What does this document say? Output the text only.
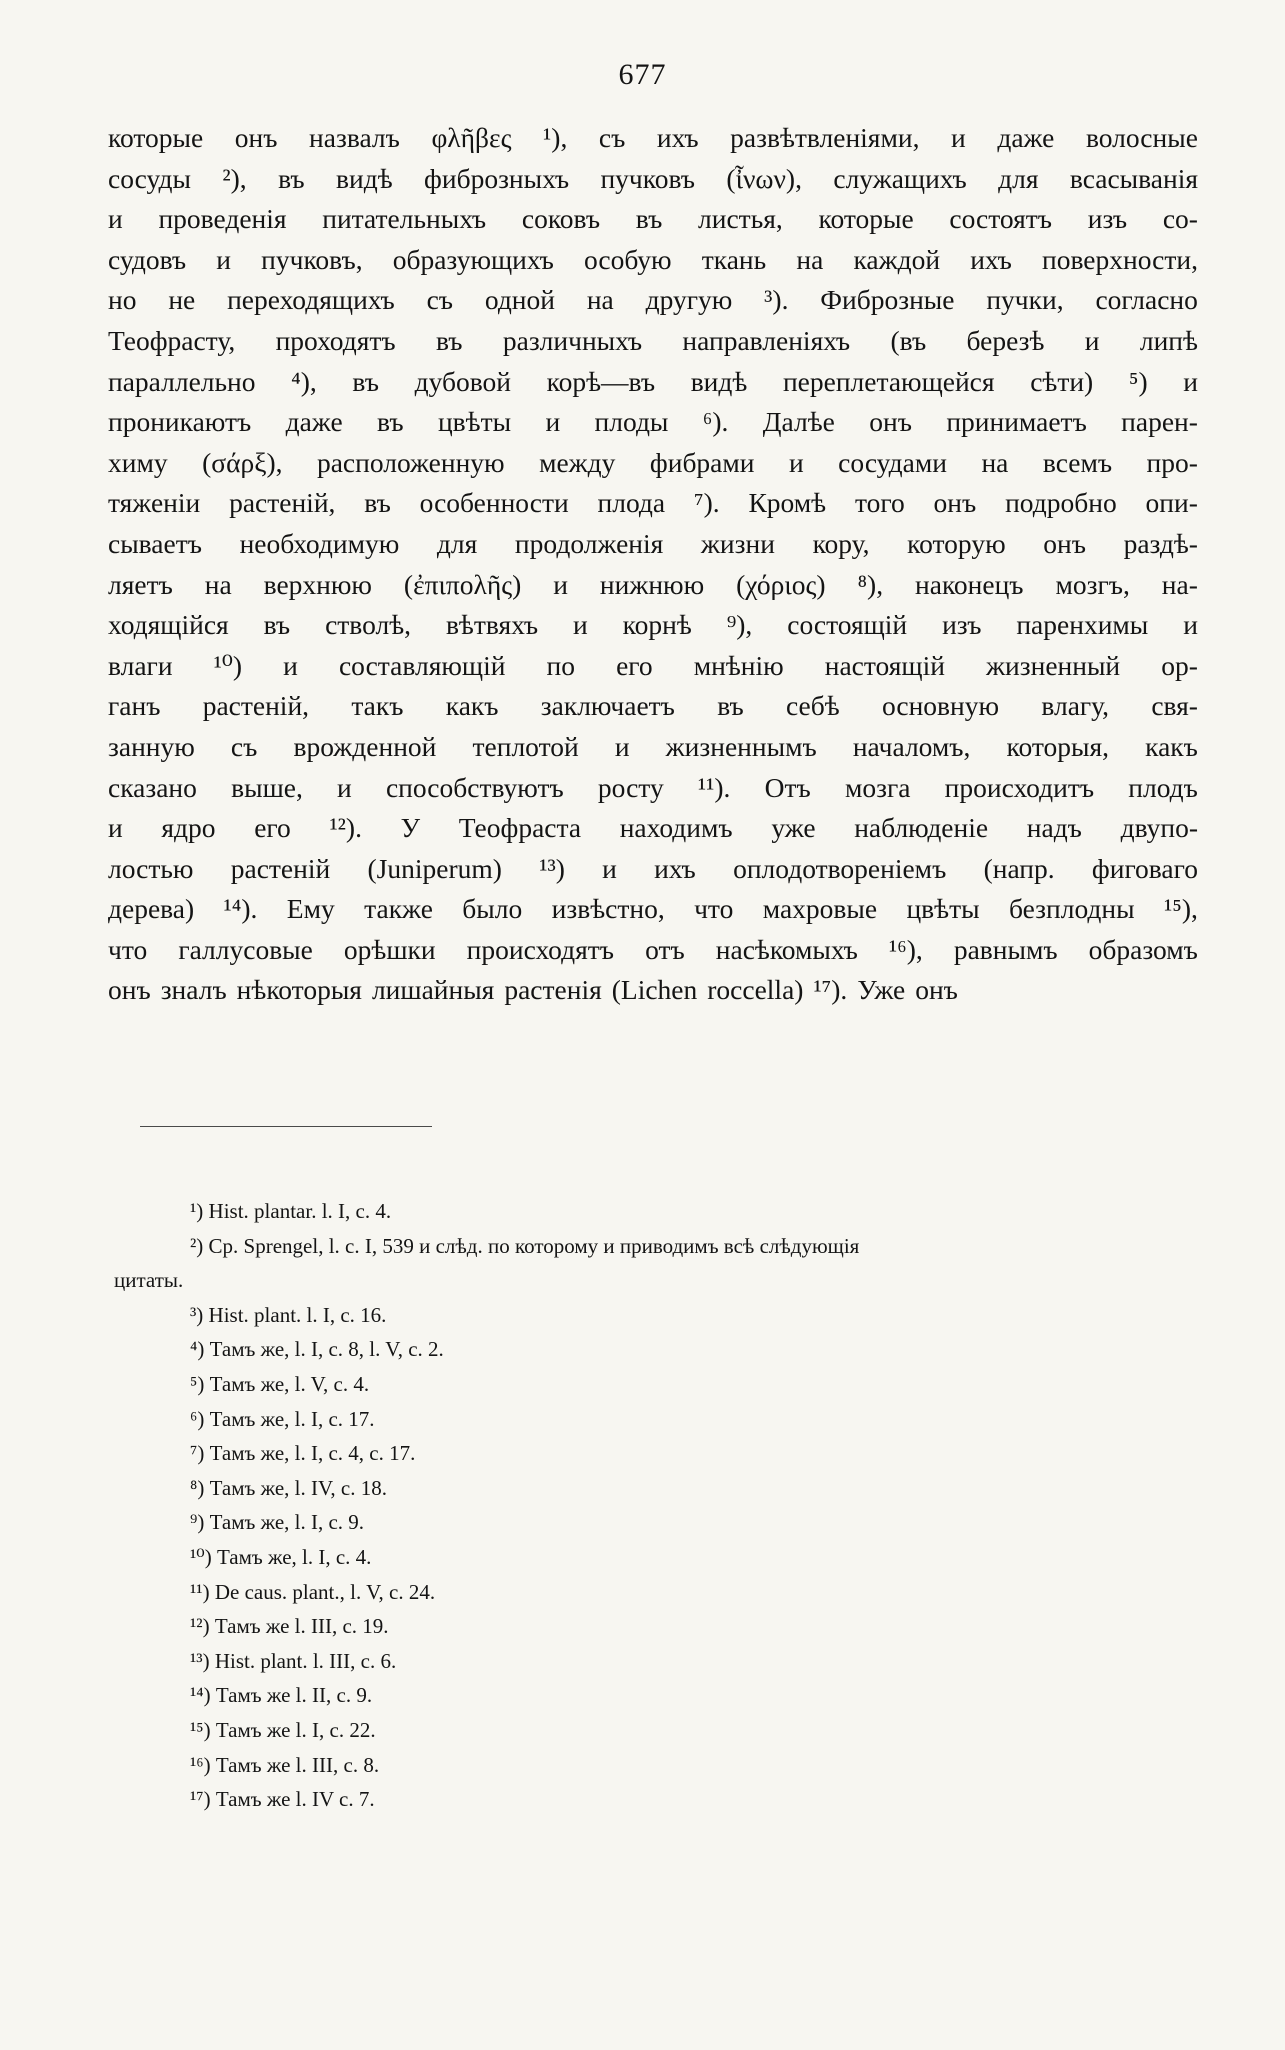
677
которые онъ назвалъ φλῆβες ¹), съ ихъ развѣтвленіями, и даже волосные
сосуды ²), въ видѣ фиброзныхъ пучковъ (ἶνων), служащихъ для всасыванія
и проведенія питательныхъ соковъ въ листья, которые состоятъ изъ со-
судовъ и пучковъ, образующихъ особую ткань на каждой ихъ поверхности,
но не переходящихъ съ одной на другую ³). Фиброзные пучки, согласно
Теофрасту, проходятъ въ различныхъ направленіяхъ (въ березѣ и липѣ
параллельно ⁴), въ дубовой корѣ—въ видѣ переплетающейся сѣти) ⁵) и
проникаютъ даже въ цвѣты и плоды ⁶). Далѣе онъ принимаетъ парен-
химу (σάρξ), расположенную между фибрами и сосудами на всемъ про-
тяженіи растеній, въ особенности плода ⁷). Кромѣ того онъ подробно опи-
сываетъ необходимую для продолженія жизни кору, которую онъ раздѣ-
ляетъ на верхнюю (ἐπιπολῆς) и нижнюю (χόριος) ⁸), наконецъ мозгъ, на-
ходящійся въ стволѣ, вѣтвяхъ и корнѣ ⁹), состоящій изъ паренхимы и
влаги ¹⁰) и составляющій по его мнѣнію настоящій жизненный ор-
ганъ растеній, такъ какъ заключаетъ въ себѣ основную влагу, свя-
занную съ врожденной теплотой и жизненнымъ началомъ, которыя, какъ
сказано выше, и способствуютъ росту ¹¹). Отъ мозга происходитъ плодъ
и ядро его ¹²). У Теофраста находимъ уже наблюденіе надъ двупо-
лостью растеній (Juniperum) ¹³) и ихъ оплодотвореніемъ (напр. фиговаго
дерева) ¹⁴). Ему также было извѣстно, что махровые цвѣты безплодны ¹⁵),
что галлусовые орѣшки происходятъ отъ насѣкомыхъ ¹⁶), равнымъ образомъ
онъ зналъ нѣкоторыя лишайныя растенія (Lichen roccella) ¹⁷). Уже онъ
¹) Hist. plantar. l. I, c. 4.
²) Cp. Sprengel, l. c. I, 539 и слѣд. по которому и приводимъ всѣ слѣдующія
цитаты.
³) Hist. plant. l. I, c. 16.
⁴) Тамъ же, l. I, c. 8, l. V, c. 2.
⁵) Тамъ же, l. V, c. 4.
⁶) Тамъ же, l. I, c. 17.
⁷) Тамъ же, l. I, c. 4, c. 17.
⁸) Тамъ же, l. IV, c. 18.
⁹) Тамъ же, l. I, c. 9.
¹⁰) Тамъ же, l. I, c. 4.
¹¹) De caus. plant., l. V, c. 24.
¹²) Тамъ же l. III, c. 19.
¹³) Hist. plant. l. III, c. 6.
¹⁴) Тамъ же l. II, c. 9.
¹⁵) Тамъ же l. I, c. 22.
¹⁶) Тамъ же l. III, c. 8.
¹⁷) Тамъ же l. IV c. 7.
